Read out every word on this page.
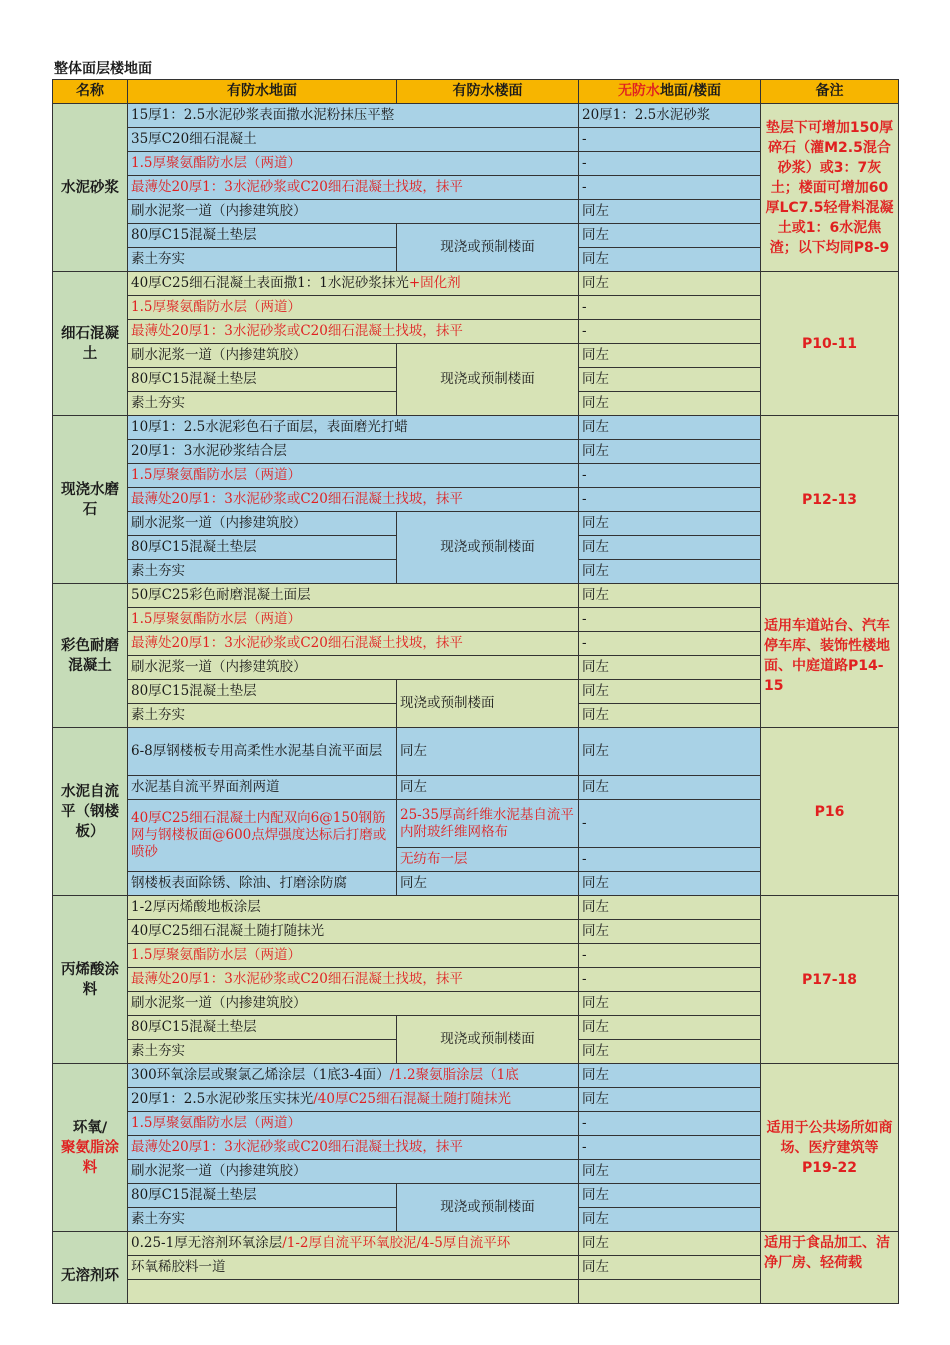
整体面层楼地面
名称	有防水地面	有防水楼面	无防水地面/楼面	备注
水泥砂浆	15厚1：2.5水泥砂浆表面撒水泥粉抹压平整		20厚1：2.5水泥砂浆	垫层下可增加150厚碎石（灌M2.5混合砂浆）或3：7灰土；楼面可增加60厚LC7.5轻骨料混凝土或1：6水泥焦渣；以下均同P8-9
	35厚C20细石混凝土		-	
	1.5厚聚氨酯防水层（两道）		-	
	最薄处20厚1：3水泥砂浆或C20细石混凝土找坡，抹平		-	
	刷水泥浆一道（内掺建筑胶）		同左	
	80厚C15混凝土垫层	现浇或预制楼面	同左	
	素土夯实		同左	
细石混凝土	40厚C25细石混凝土表面撒1：1水泥砂浆抹光+固化剂		同左	P10-11
	1.5厚聚氨酯防水层（两道）		-	
	最薄处20厚1：3水泥砂浆或C20细石混凝土找坡，抹平		-	
	刷水泥浆一道（内掺建筑胶）	现浇或预制楼面	同左	
	80厚C15混凝土垫层		同左	
	素土夯实		同左	
现浇水磨石	10厚1：2.5水泥彩色石子面层，表面磨光打蜡		同左	P12-13
	20厚1：3水泥砂浆结合层		同左	
	1.5厚聚氨酯防水层（两道）		-	
	最薄处20厚1：3水泥砂浆或C20细石混凝土找坡，抹平		-	
	刷水泥浆一道（内掺建筑胶）	现浇或预制楼面	同左	
	80厚C15混凝土垫层		同左	
	素土夯实		同左	
彩色耐磨混凝土	50厚C25彩色耐磨混凝土面层		同左	适用车道站台、汽车停车库、装饰性楼地面、中庭道路P14-15
	1.5厚聚氨酯防水层（两道）		-	
	最薄处20厚1：3水泥砂浆或C20细石混凝土找坡，抹平		-	
	刷水泥浆一道（内掺建筑胶）		同左	
	80厚C15混凝土垫层	现浇或预制楼面	同左	
	素土夯实		同左	
水泥自流平（钢楼板）	6-8厚钢楼板专用高柔性水泥基自流平面层	同左	同左	P16
	水泥基自流平界面剂两道	同左	同左	
	40厚C25细石混凝土内配双向6@150钢筋网与钢楼板面@600点焊强度达标后打磨或喷砂	25-35厚高纤维水泥基自流平内附玻纤维网格布	-	
		无纺布一层	-	
	钢楼板表面除锈、除油、打磨涂防腐	同左	同左	
丙烯酸涂料	1-2厚丙烯酸地板涂层		同左	P17-18
	40厚C25细石混凝土随打随抹光		同左	
	1.5厚聚氨酯防水层（两道）		-	
	最薄处20厚1：3水泥砂浆或C20细石混凝土找坡，抹平		-	
	刷水泥浆一道（内掺建筑胶）		同左	
	80厚C15混凝土垫层	现浇或预制楼面	同左	
	素土夯实		同左	
环氧/
聚氨脂涂料	300环氧涂层或聚氯乙烯涂层（1底3-4面）/1.2聚氨脂涂层（1底		同左	适用于公共场所如商场、医疗建筑等P19-22
	20厚1：2.5水泥砂浆压实抹光/40厚C25细石混凝土随打随抹光		同左	
	1.5厚聚氨酯防水层（两道）		-	
	最薄处20厚1：3水泥砂浆或C20细石混凝土找坡，抹平		-	
	刷水泥浆一道（内掺建筑胶）		同左	
	80厚C15混凝土垫层	现浇或预制楼面	同左	
	素土夯实		同左	
无溶剂环	0.25-1厚无溶剂环氧涂层/1-2厚自流平环氧胶泥/4-5厚自流平环		同左	适用于食品加工、洁净厂房、轻荷载
	环氧稀胶料一道		同左	
